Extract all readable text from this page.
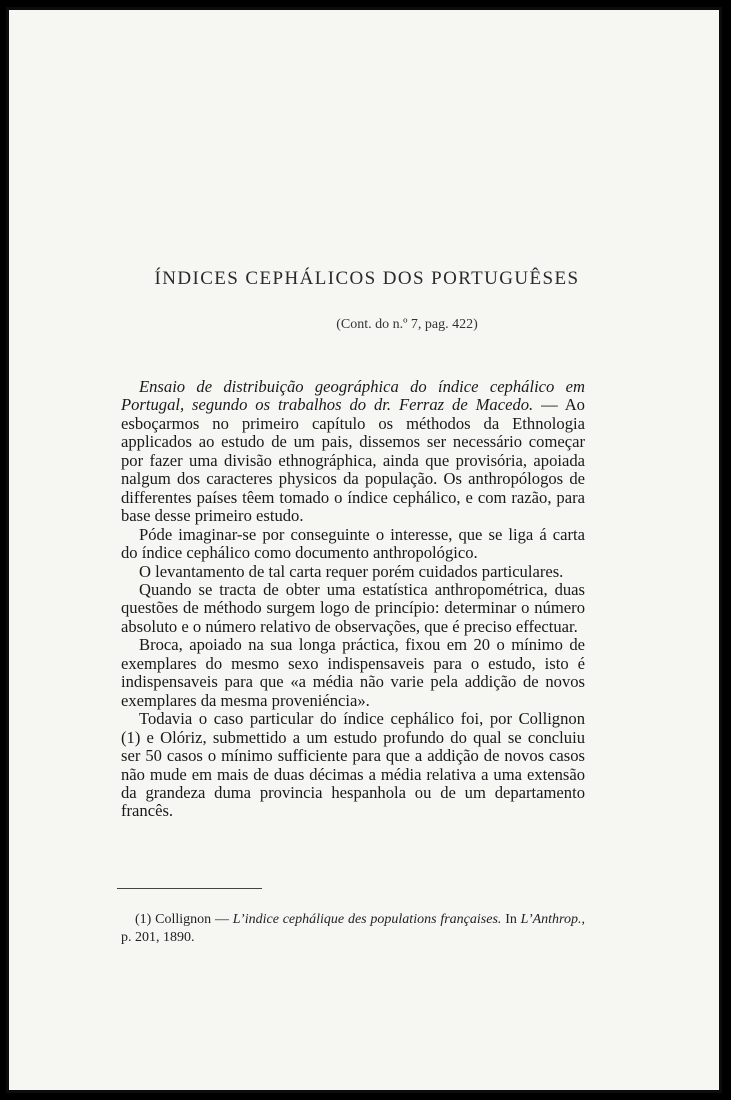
ÍNDICES CEPHÁLICOS DOS PORTUGUÊSES
(Cont. do n.º 7, pag. 422)

Ensaio de distribuição geográphica do índice cephálico em Portugal, segundo os trabalhos do dr. Ferraz de Macedo. — Ao esboçarmos no primeiro capítulo os méthodos da Ethnologia applicados ao estudo de um pais, dissemos ser necessário começar por fazer uma divisão ethnográphica, ainda que provisória, apoiada nalgum dos caracteres physicos da população. Os anthropólogos de differentes países têem tomado o índice cephálico, e com razão, para base desse primeiro estudo.

Póde imaginar-se por conseguinte o interesse, que se liga á carta do índice cephálico como documento anthropológico.

O levantamento de tal carta requer porém cuidados particulares.

Quando se tracta de obter uma estatística anthropométrica, duas questões de méthodo surgem logo de princípio: determinar o número absoluto e o número relativo de observações, que é preciso effectuar.

Broca, apoiado na sua longa práctica, fixou em 20 o mínimo de exemplares do mesmo sexo indispensaveis para o estudo, isto é indispensaveis para que «a média não varie pela addição de novos exemplares da mesma proveniéncia».

Todavia o caso particular do índice cephálico foi, por Collignon (1) e Olóriz, submettido a um estudo profundo do qual se concluiu ser 50 casos o mínimo sufficiente para que a addição de novos casos não mude em mais de duas décimas a média relativa a uma extensão da grandeza duma provincia hespanhola ou de um departamento francês.

(1) Collignon — L’indice cephálique des populations françaises. In L’Anthrop., p. 201, 1890.
